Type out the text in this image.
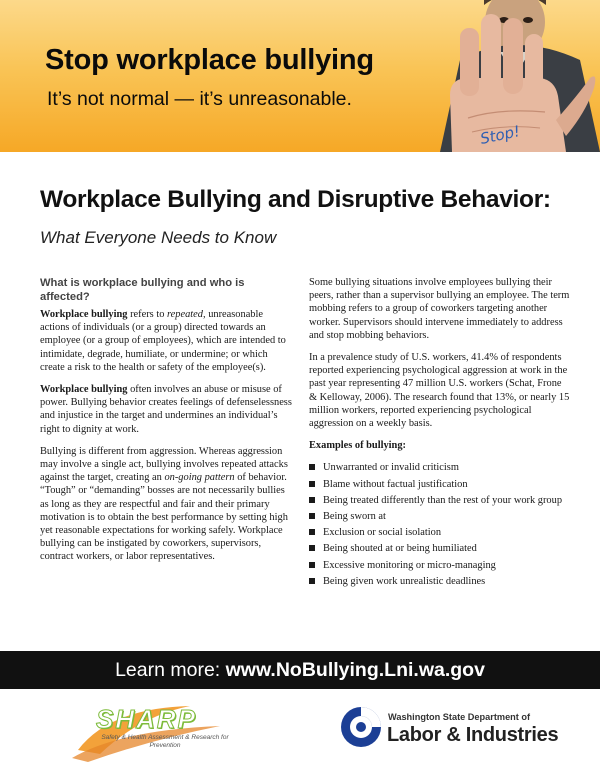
Stop!
Stop workplace bullying
It’s not normal — it’s unreasonable.
Workplace Bullying and Disruptive Behavior:
What Everyone Needs to Know
What is workplace bullying and who is affected?

Workplace bullying refers to repeated, unreasonable actions of individuals (or a group) directed towards an employee (or a group of employees), which are intended to intimidate, degrade, humiliate, or undermine; or which create a risk to the health or safety of the employee(s).

Workplace bullying often involves an abuse or misuse of power. Bullying behavior creates feelings of defenselessness and injustice in the target and undermines an individual’s right to dignity at work.

Bullying is different from aggression. Whereas aggression may involve a single act, bullying involves repeated attacks against the target, creating an on-going pattern of behavior. “Tough” or “demanding” bosses are not necessarily bullies as long as they are respectful and fair and their primary motivation is to obtain the best performance by setting high yet reasonable expectations for working safely. Workplace bullying can be instigated by coworkers, supervisors, contract workers, or labor representatives.

Some bullying situations involve employees bullying their peers, rather than a supervisor bullying an employee. The term mobbing refers to a group of coworkers targeting another worker. Supervisors should intervene immediately to address and stop mobbing behaviors.

In a prevalence study of U.S. workers, 41.4% of respondents reported experiencing psychological aggression at work in the past year representing 47 million U.S. workers (Schat, Frone & Kelloway, 2006). The research found that 13%, or nearly 15 million workers, reported experiencing psychological aggression on a weekly basis.

Examples of bullying:
Unwarranted or invalid criticism
Blame without factual justification
Being treated differently than the rest of your work group
Being sworn at
Exclusion or social isolation
Being shouted at or being humiliated
Excessive monitoring or micro-managing
Being given work unrealistic deadlines
Learn more: www.NoBullying.Lni.wa.gov
SHARP
Safety & Health Assessment & Research for Prevention
Washington State Department of
Labor & Industries
